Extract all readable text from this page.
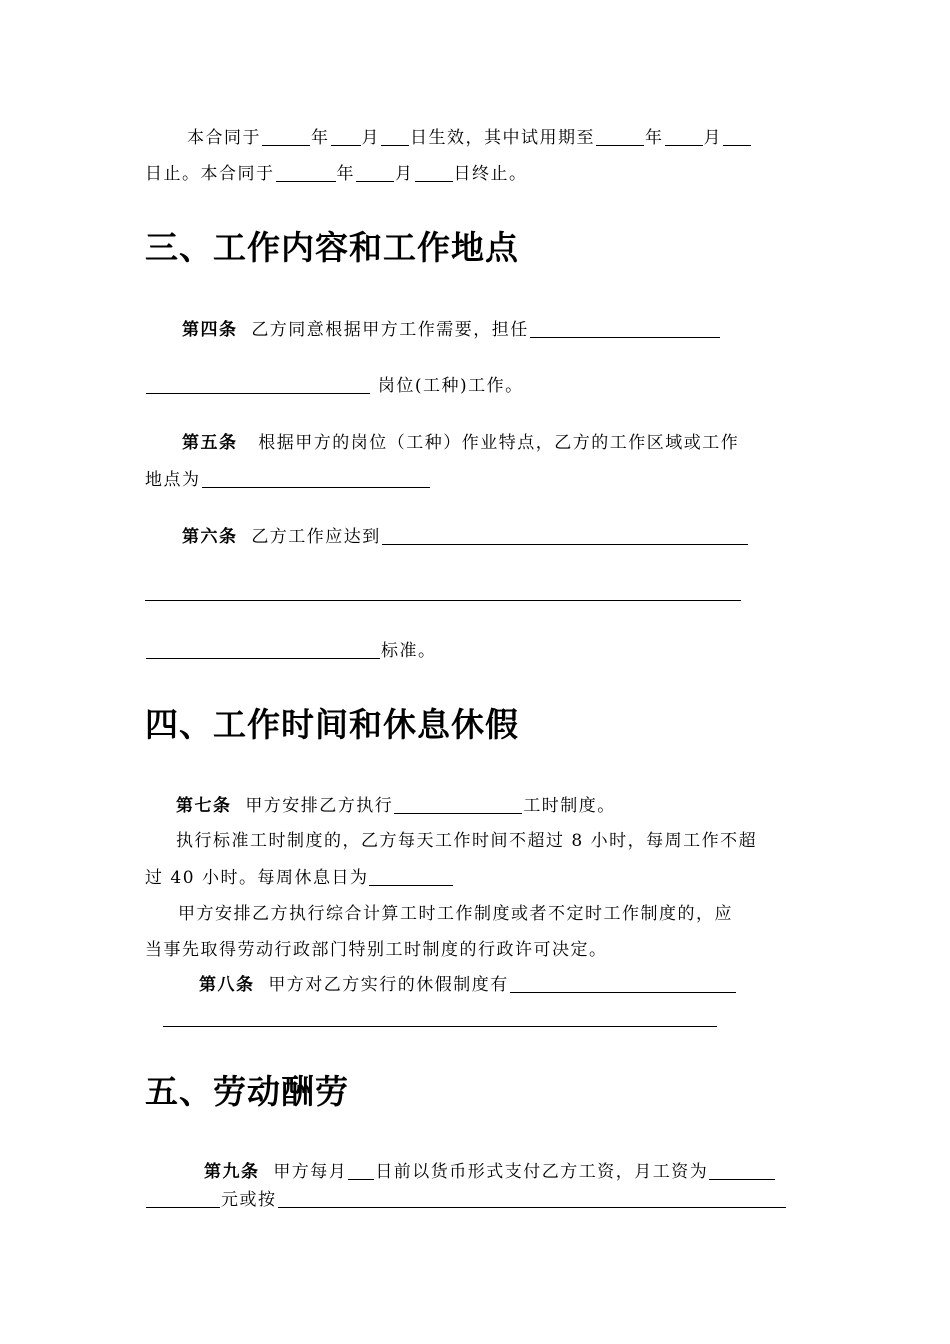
本合同于	年 月 日生效，其中试用期至	年 月
日止。本合同于	年 月 日终止。
三、工作内容和工作地点
第四条 乙方同意根据甲方工作需要，担任
岗位(工种)工作。
第五条 根据甲方的岗位（工种）作业特点，乙方的工作区域或工作
地点为
第六条 乙方工作应达到
标准。
四、工作时间和休息休假
第七条 甲方安排乙方执行	工时制度。
执行标准工时制度的，乙方每天工作时间不超过 8 小时，每周工作不超
过 40 小时。每周休息日为
甲方安排乙方执行综合计算工时工作制度或者不定时工作制度的，应
当事先取得劳动行政部门特别工时制度的行政许可决定。
第八条 甲方对乙方实行的休假制度有
五、劳动酬劳
第九条 甲方每月 日前以货币形式支付乙方工资，月工资为
元或按
